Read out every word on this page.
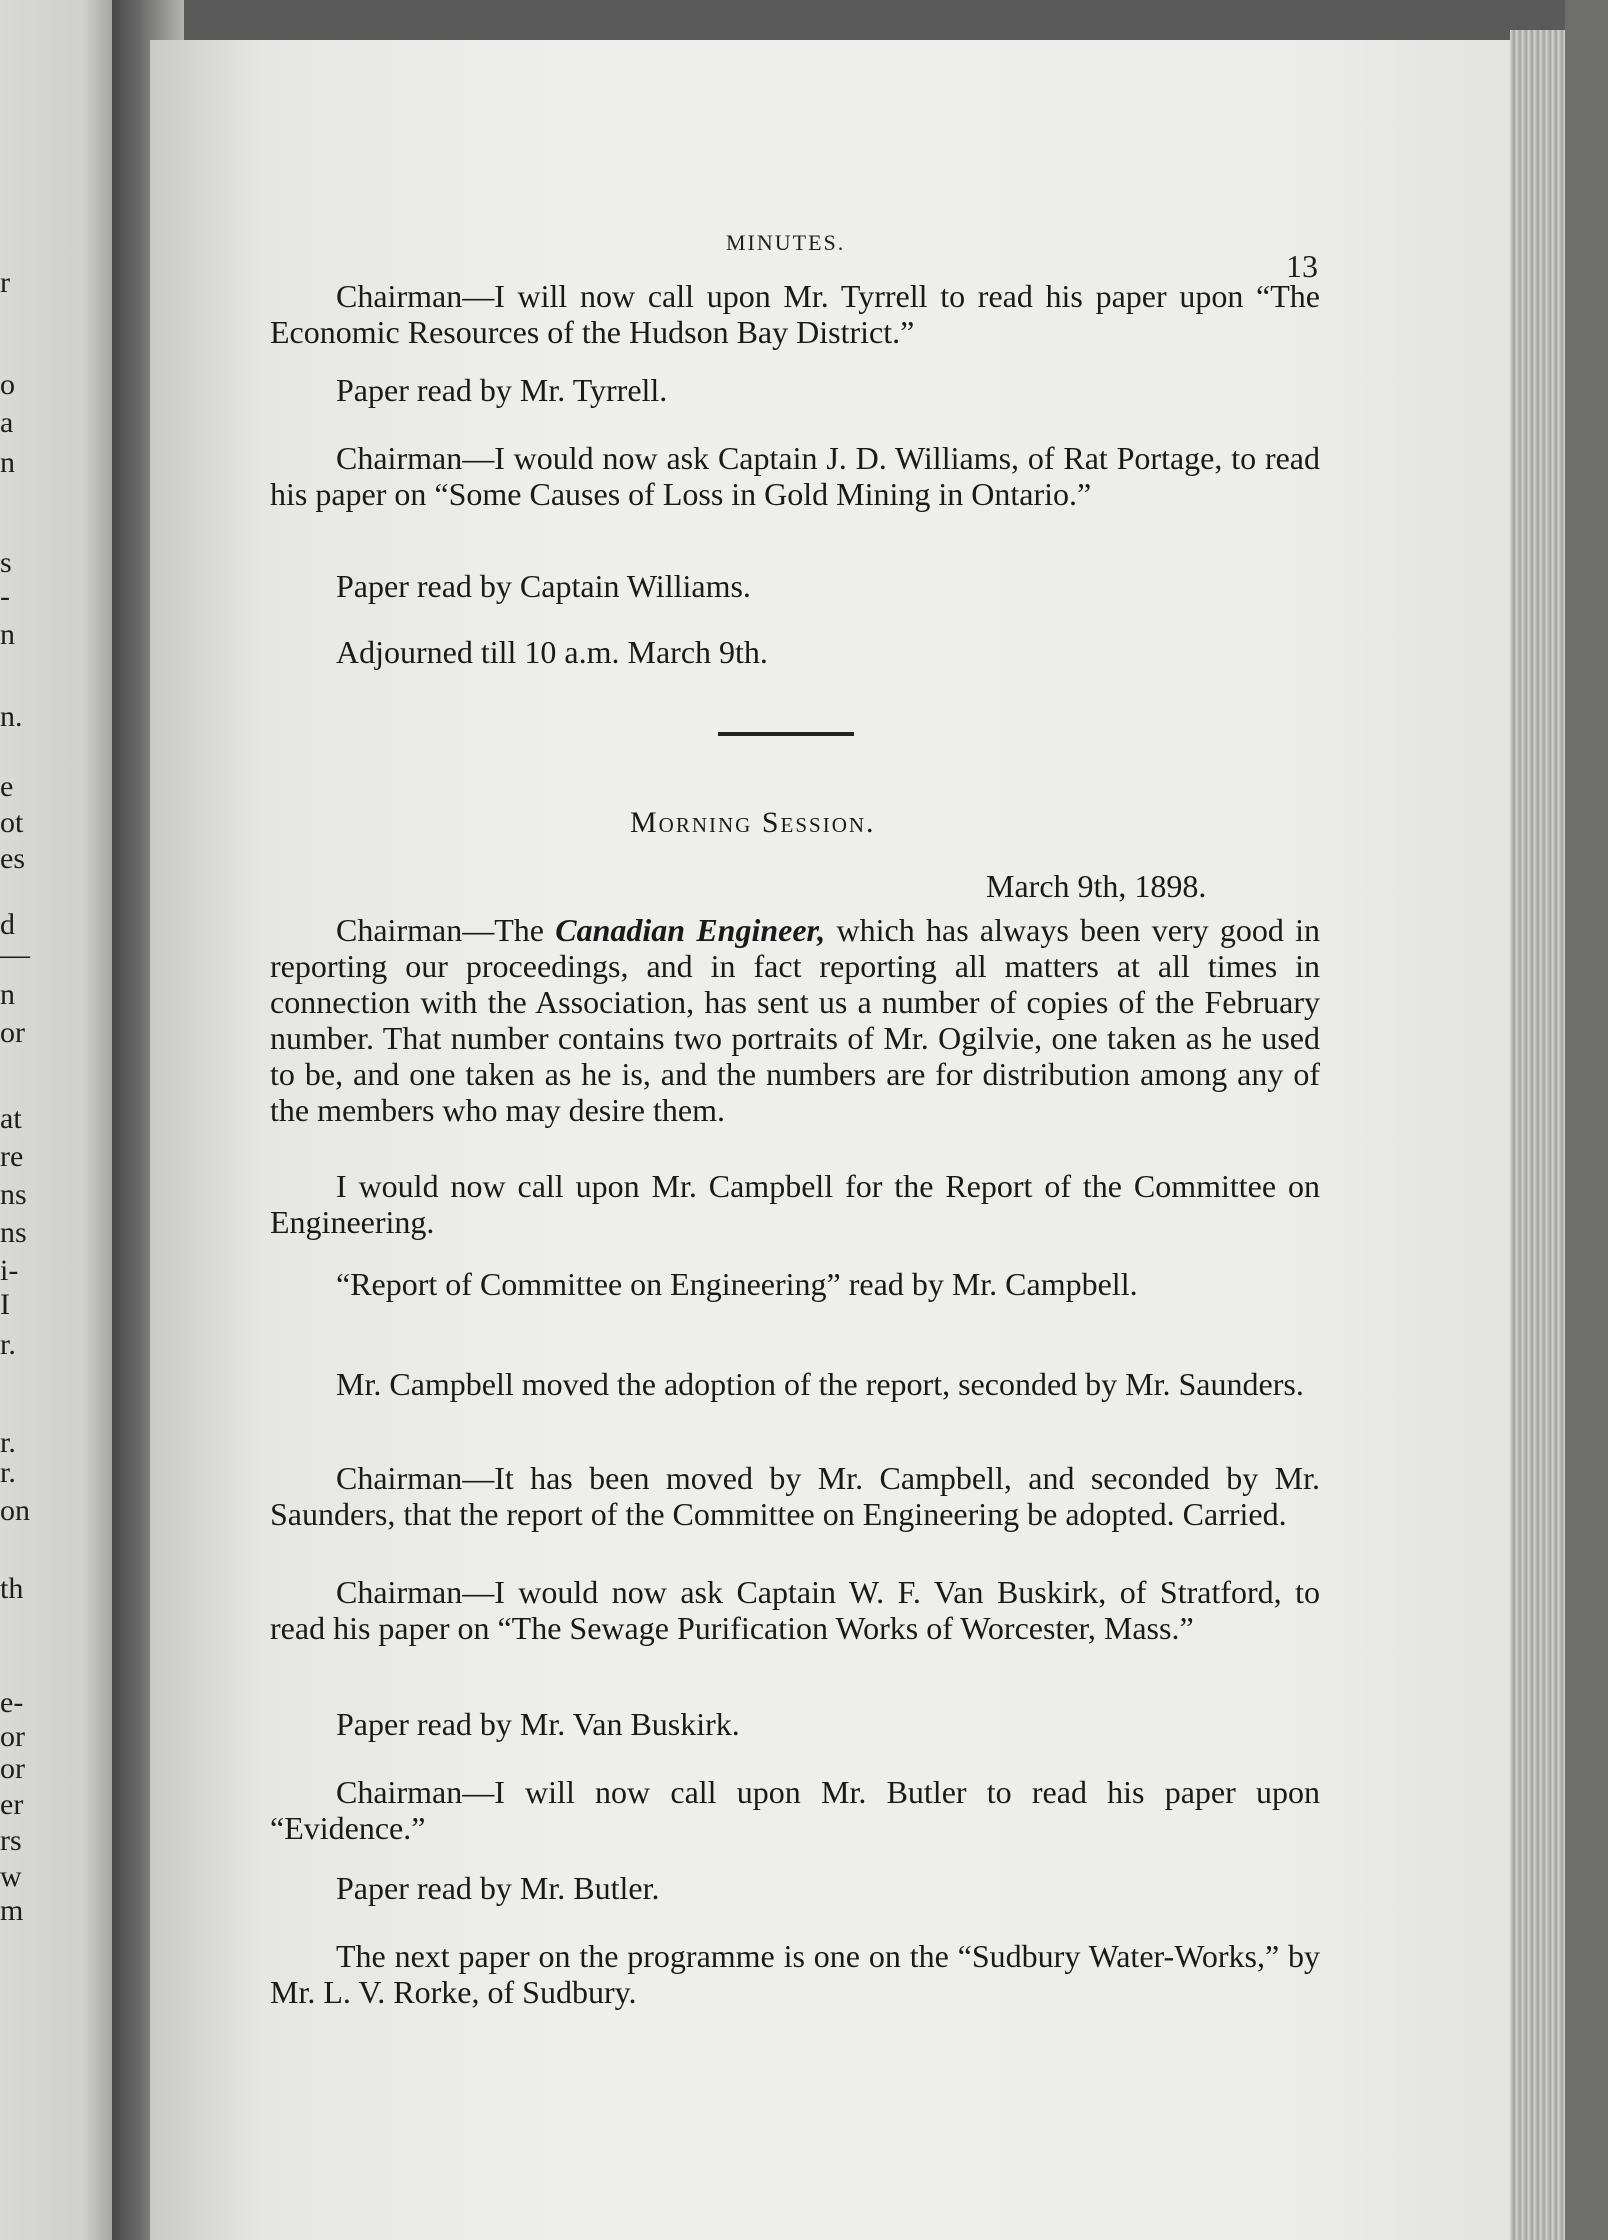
r
o
a
n
s
-
n
n.
e
ot
es
d
—
n
or
at
re
ns
ns
i-
I
r.
r.
r.
on
th
e-
or
or
er
rs
w
m
MINUTES.
13

Chairman—I will now call upon Mr. Tyrrell to read his paper upon “The Economic Resources of the Hudson Bay District.”

Paper read by Mr. Tyrrell.

Chairman—I would now ask Captain J. D. Williams, of Rat Portage, to read his paper on “Some Causes of Loss in Gold Mining in Ontario.”

Paper read by Captain Williams.

Adjourned till 10 a.m. March 9th.

Morning Session.
March 9th, 1898.

Chairman—The Canadian Engineer, which has always been very good in reporting our proceedings, and in fact reporting all matters at all times in connection with the Association, has sent us a number of copies of the February number. That number contains two portraits of Mr. Ogilvie, one taken as he used to be, and one taken as he is, and the numbers are for distribution among any of the members who may desire them.

I would now call upon Mr. Campbell for the Report of the Committee on Engineering.

“Report of Committee on Engineering” read by Mr. Campbell.

Mr. Campbell moved the adoption of the report, seconded by Mr. Saunders.

Chairman—It has been moved by Mr. Campbell, and seconded by Mr. Saunders, that the report of the Committee on Engineering be adopted. Carried.

Chairman—I would now ask Captain W. F. Van Buskirk, of Stratford, to read his paper on “The Sewage Purification Works of Worcester, Mass.”

Paper read by Mr. Van Buskirk.

Chairman—I will now call upon Mr. Butler to read his paper upon “Evidence.”

Paper read by Mr. Butler.

The next paper on the programme is one on the “Sudbury Water-Works,” by Mr. L. V. Rorke, of Sudbury.
